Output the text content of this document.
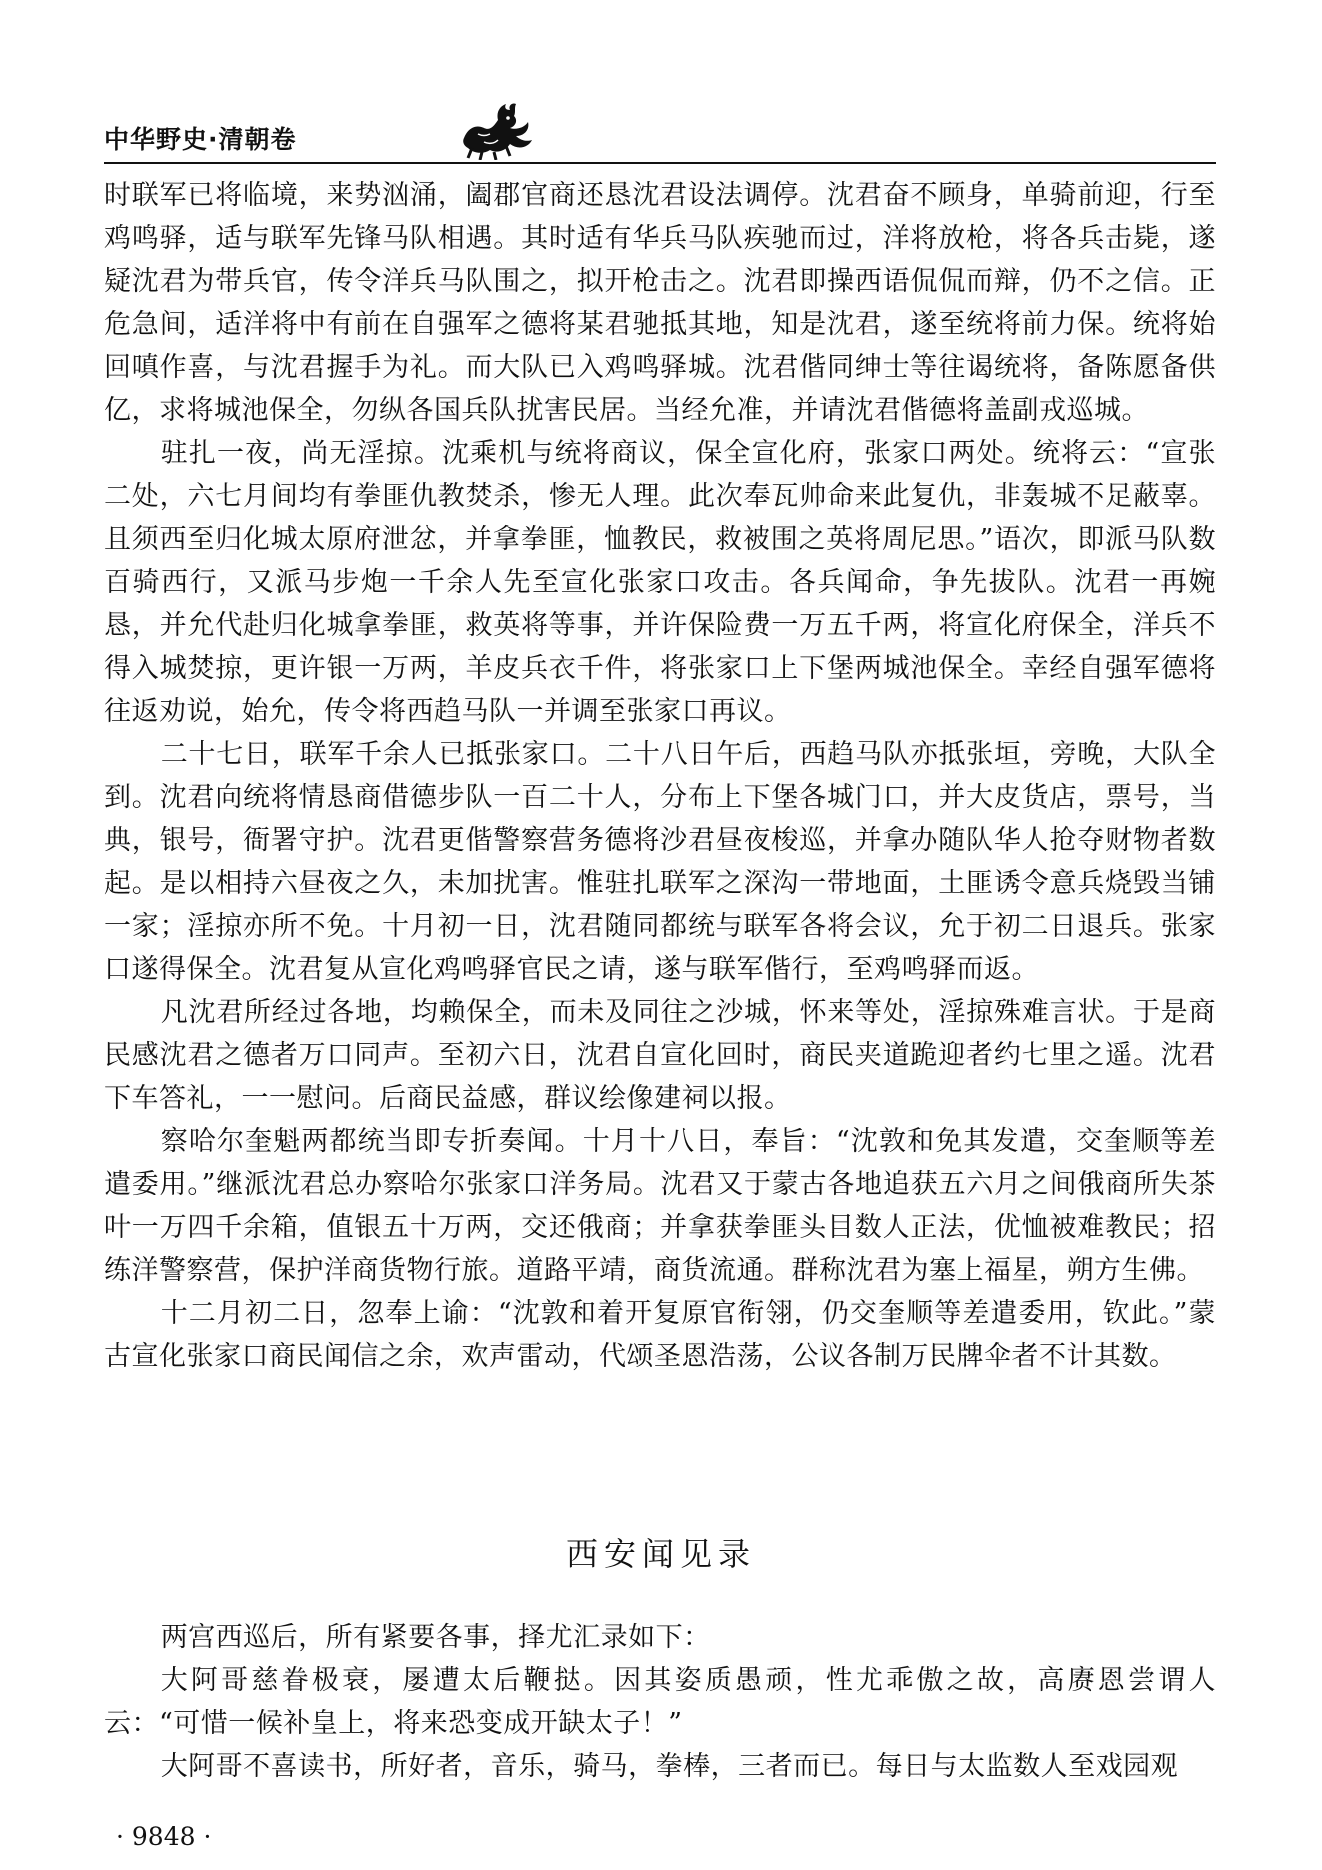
中华野史·清朝卷

时联军已将临境，来势汹涌，阖郡官商还恳沈君设法调停。沈君奋不顾身，单骑前迎，行至鸡鸣驿，适与联军先锋马队相遇。其时适有华兵马队疾驰而过，洋将放枪，将各兵击毙，遂疑沈君为带兵官，传令洋兵马队围之，拟开枪击之。沈君即操西语侃侃而辩，仍不之信。正危急间，适洋将中有前在自强军之德将某君驰抵其地，知是沈君，遂至统将前力保。统将始回嗔作喜，与沈君握手为礼。而大队已入鸡鸣驿城。沈君偕同绅士等往谒统将，备陈愿备供亿，求将城池保全，勿纵各国兵队扰害民居。当经允准，并请沈君偕德将盖副戎巡城。

驻扎一夜，尚无淫掠。沈乘机与统将商议，保全宣化府，张家口两处。统将云：“宣张二处，六七月间均有拳匪仇教焚杀，惨无人理。此次奉瓦帅命来此复仇，非轰城不足蔽辜。且须西至归化城太原府泄忿，并拿拳匪，恤教民，救被围之英将周尼思。”语次，即派马队数百骑西行，又派马步炮一千余人先至宣化张家口攻击。各兵闻命，争先拔队。沈君一再婉恳，并允代赴归化城拿拳匪，救英将等事，并许保险费一万五千两，将宣化府保全，洋兵不得入城焚掠，更许银一万两，羊皮兵衣千件，将张家口上下堡两城池保全。幸经自强军德将往返劝说，始允，传令将西趋马队一并调至张家口再议。

二十七日，联军千余人已抵张家口。二十八日午后，西趋马队亦抵张垣，旁晚，大队全到。沈君向统将情恳商借德步队一百二十人，分布上下堡各城门口，并大皮货店，票号，当典，银号，衙署守护。沈君更偕警察营务德将沙君昼夜梭巡，并拿办随队华人抢夺财物者数起。是以相持六昼夜之久，未加扰害。惟驻扎联军之深沟一带地面，土匪诱令意兵烧毁当铺一家；淫掠亦所不免。十月初一日，沈君随同都统与联军各将会议，允于初二日退兵。张家口遂得保全。沈君复从宣化鸡鸣驿官民之请，遂与联军偕行，至鸡鸣驿而返。

凡沈君所经过各地，均赖保全，而未及同往之沙城，怀来等处，淫掠殊难言状。于是商民感沈君之德者万口同声。至初六日，沈君自宣化回时，商民夹道跪迎者约七里之遥。沈君下车答礼，一一慰问。后商民益感，群议绘像建祠以报。

察哈尔奎魁两都统当即专折奏闻。十月十八日，奉旨：“沈敦和免其发遣，交奎顺等差遣委用。”继派沈君总办察哈尔张家口洋务局。沈君又于蒙古各地追获五六月之间俄商所失茶叶一万四千余箱，值银五十万两，交还俄商；并拿获拳匪头目数人正法，优恤被难教民；招练洋警察营，保护洋商货物行旅。道路平靖，商货流通。群称沈君为塞上福星，朔方生佛。

十二月初二日，忽奉上谕：“沈敦和着开复原官衔翎，仍交奎顺等差遣委用，钦此。”蒙古宣化张家口商民闻信之余，欢声雷动，代颂圣恩浩荡，公议各制万民牌伞者不计其数。

西安闻见录

两宫西巡后，所有紧要各事，择尤汇录如下：

大阿哥慈眷极衰，屡遭太后鞭挞。因其姿质愚顽，性尤乖傲之故，高赓恩尝谓人云：“可惜一候补皇上，将来恐变成开缺太子！”

大阿哥不喜读书，所好者，音乐，骑马，拳棒，三者而已。每日与太监数人至戏园观

· 9848 ·
